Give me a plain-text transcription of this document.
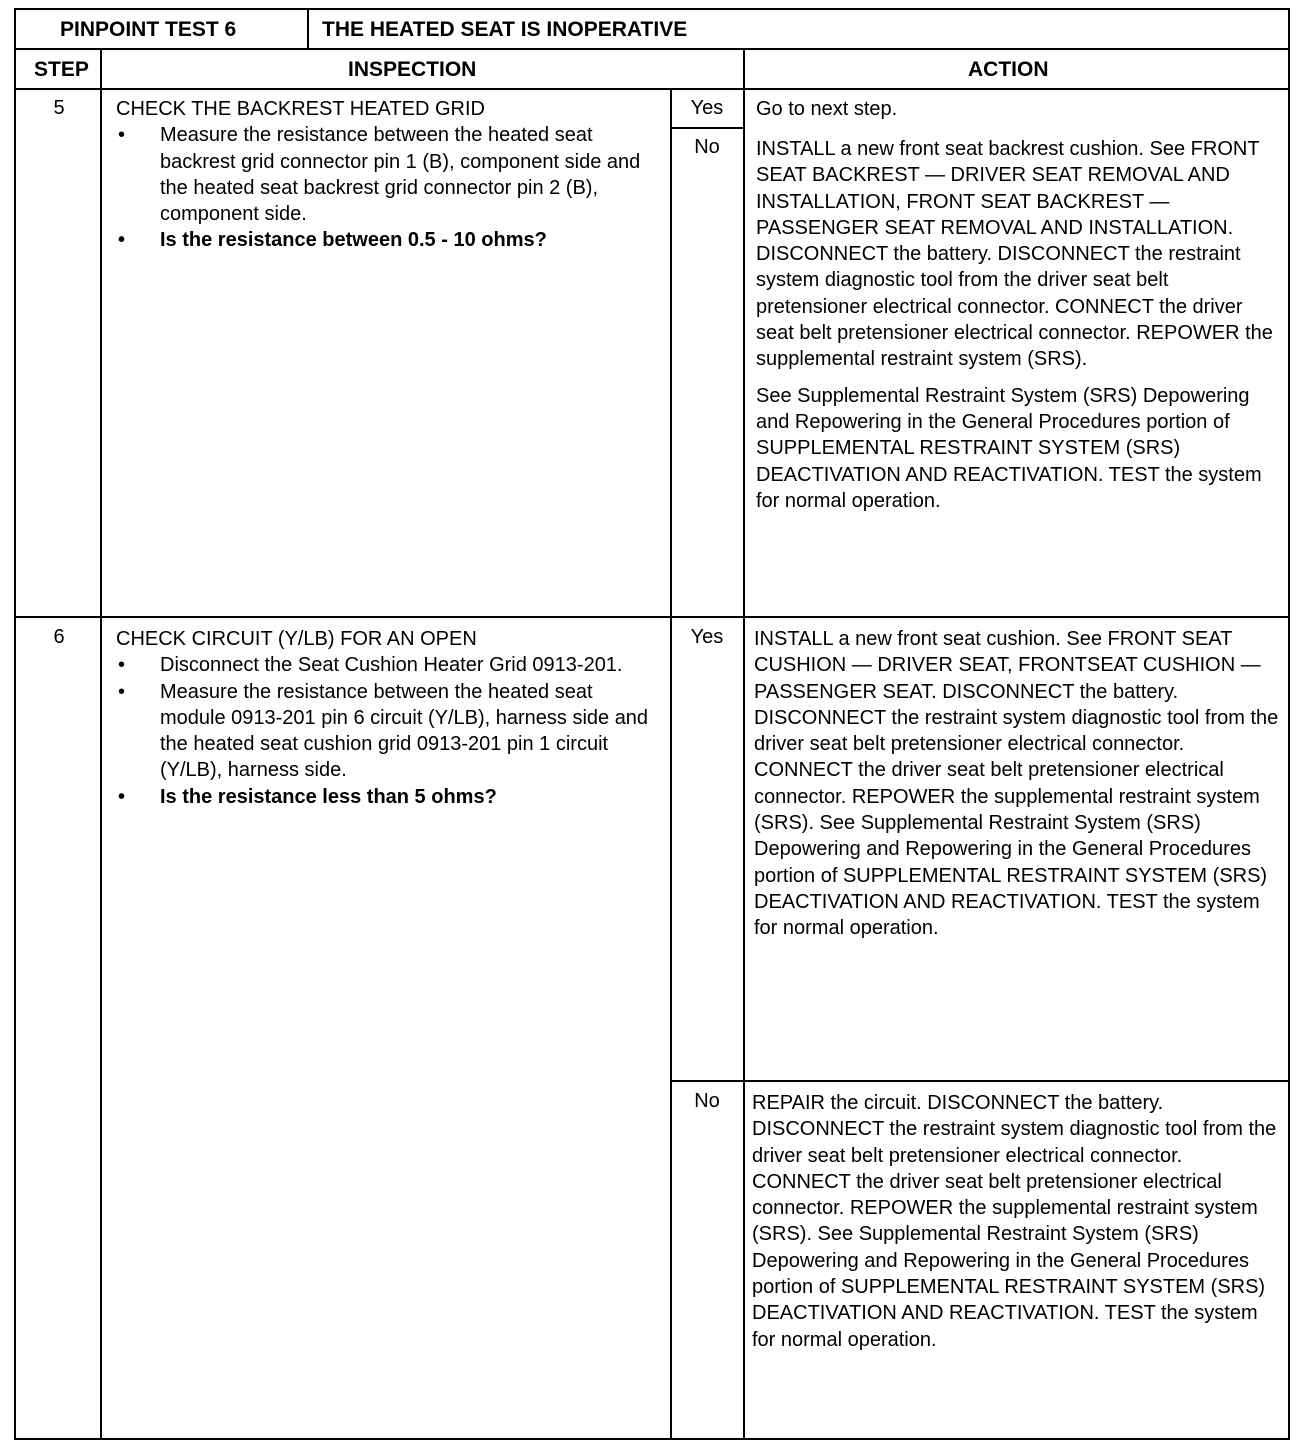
PINPOINT TEST 6	THE HEATED SEAT IS INOPERATIVE
STEP	INSPECTION	ACTION
5	CHECK THE BACKREST HEATED GRID
• Measure the resistance between the heated seat backrest grid connector pin 1 (B), component side and the heated seat backrest grid connector pin 2 (B), component side.
• Is the resistance between 0.5 - 10 ohms?
Yes	Go to next step.
No	INSTALL a new front seat backrest cushion. See FRONT SEAT BACKREST — DRIVER SEAT REMOVAL AND INSTALLATION, FRONT SEAT BACKREST — PASSENGER SEAT REMOVAL AND INSTALLATION. DISCONNECT the battery. DISCONNECT the restraint system diagnostic tool from the driver seat belt pretensioner electrical connector. CONNECT the driver seat belt pretensioner electrical connector. REPOWER the supplemental restraint system (SRS).

See Supplemental Restraint System (SRS) Depowering and Repowering in the General Procedures portion of SUPPLEMENTAL RESTRAINT SYSTEM (SRS) DEACTIVATION AND REACTIVATION. TEST the system for normal operation.

6	CHECK CIRCUIT (Y/LB) FOR AN OPEN
• Disconnect the Seat Cushion Heater Grid 0913-201.
• Measure the resistance between the heated seat module 0913-201 pin 6 circuit (Y/LB), harness side and the heated seat cushion grid 0913-201 pin 1 circuit (Y/LB), harness side.
• Is the resistance less than 5 ohms?
Yes	INSTALL a new front seat cushion. See FRONT SEAT CUSHION — DRIVER SEAT, FRONTSEAT CUSHION — PASSENGER SEAT. DISCONNECT the battery. DISCONNECT the restraint system diagnostic tool from the driver seat belt pretensioner electrical connector. CONNECT the driver seat belt pretensioner electrical connector. REPOWER the supplemental restraint system (SRS). See Supplemental Restraint System (SRS) Depowering and Repowering in the General Procedures portion of SUPPLEMENTAL RESTRAINT SYSTEM (SRS) DEACTIVATION AND REACTIVATION. TEST the system for normal operation.
No	REPAIR the circuit. DISCONNECT the battery. DISCONNECT the restraint system diagnostic tool from the driver seat belt pretensioner electrical connector. CONNECT the driver seat belt pretensioner electrical connector. REPOWER the supplemental restraint system (SRS). See Supplemental Restraint System (SRS) Depowering and Repowering in the General Procedures portion of SUPPLEMENTAL RESTRAINT SYSTEM (SRS) DEACTIVATION AND REACTIVATION. TEST the system for normal operation.
